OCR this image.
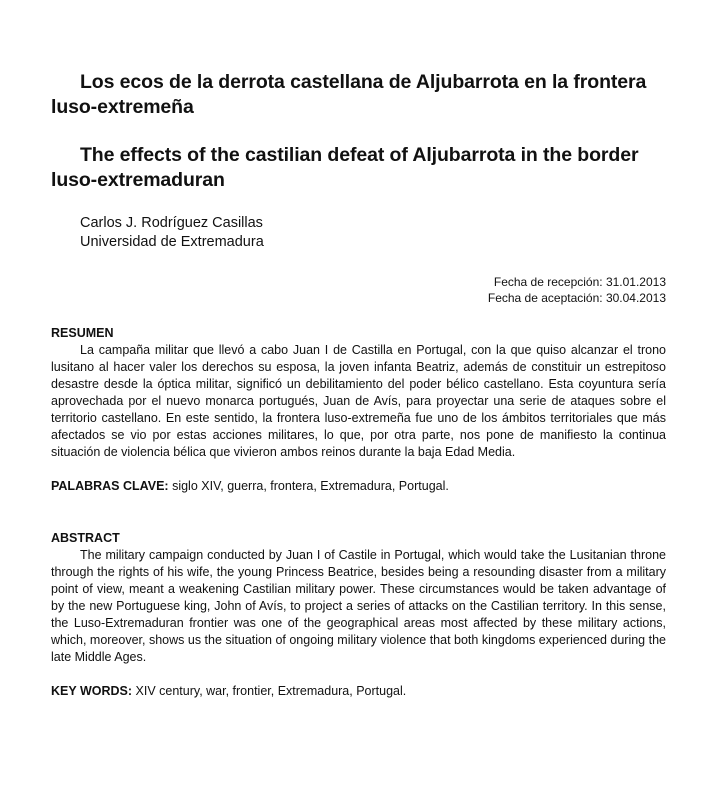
Los ecos de la derrota castellana de Aljubarrota en la frontera luso-extremeña
The effects of the castilian defeat of Aljubarrota in the border luso-extremaduran
Carlos J. Rodríguez Casillas
Universidad de Extremadura
Fecha de recepción: 31.01.2013
Fecha de aceptación: 30.04.2013
RESUMEN

La campaña militar que llevó a cabo Juan I de Castilla en Portugal, con la que quiso alcanzar el trono lusitano al hacer valer los derechos su esposa, la joven infanta Beatriz, además de constituir un estrepitoso desastre desde la óptica militar, significó un debilitamiento del poder bélico castellano. Esta coyuntura sería aprovechada por el nuevo monarca portugués, Juan de Avís, para proyectar una serie de ataques sobre el territorio castellano. En este sentido, la frontera luso-extremeña fue uno de los ámbitos territoriales que más afectados se vio por estas acciones militares, lo que, por otra parte, nos pone de manifiesto la continua situación de violencia bélica que vivieron ambos reinos durante la baja Edad Media.

PALABRAS CLAVE: siglo XIV, guerra, frontera, Extremadura, Portugal.

ABSTRACT

The military campaign conducted by Juan I of Castile in Portugal, which would take the Lusitanian throne through the rights of his wife, the young Princess Beatrice, besides being a resounding disaster from a military point of view, meant a weakening Castilian military power. These circumstances would be taken advantage of by the new Portuguese king, John of Avís, to project a series of attacks on the Castilian territory. In this sense, the Luso-Extremaduran frontier was one of the geographical areas most affected by these military actions, which, moreover, shows us the situation of ongoing military violence that both kingdoms experienced during the late Middle Ages.

KEY WORDS: XIV century, war, frontier, Extremadura, Portugal.
